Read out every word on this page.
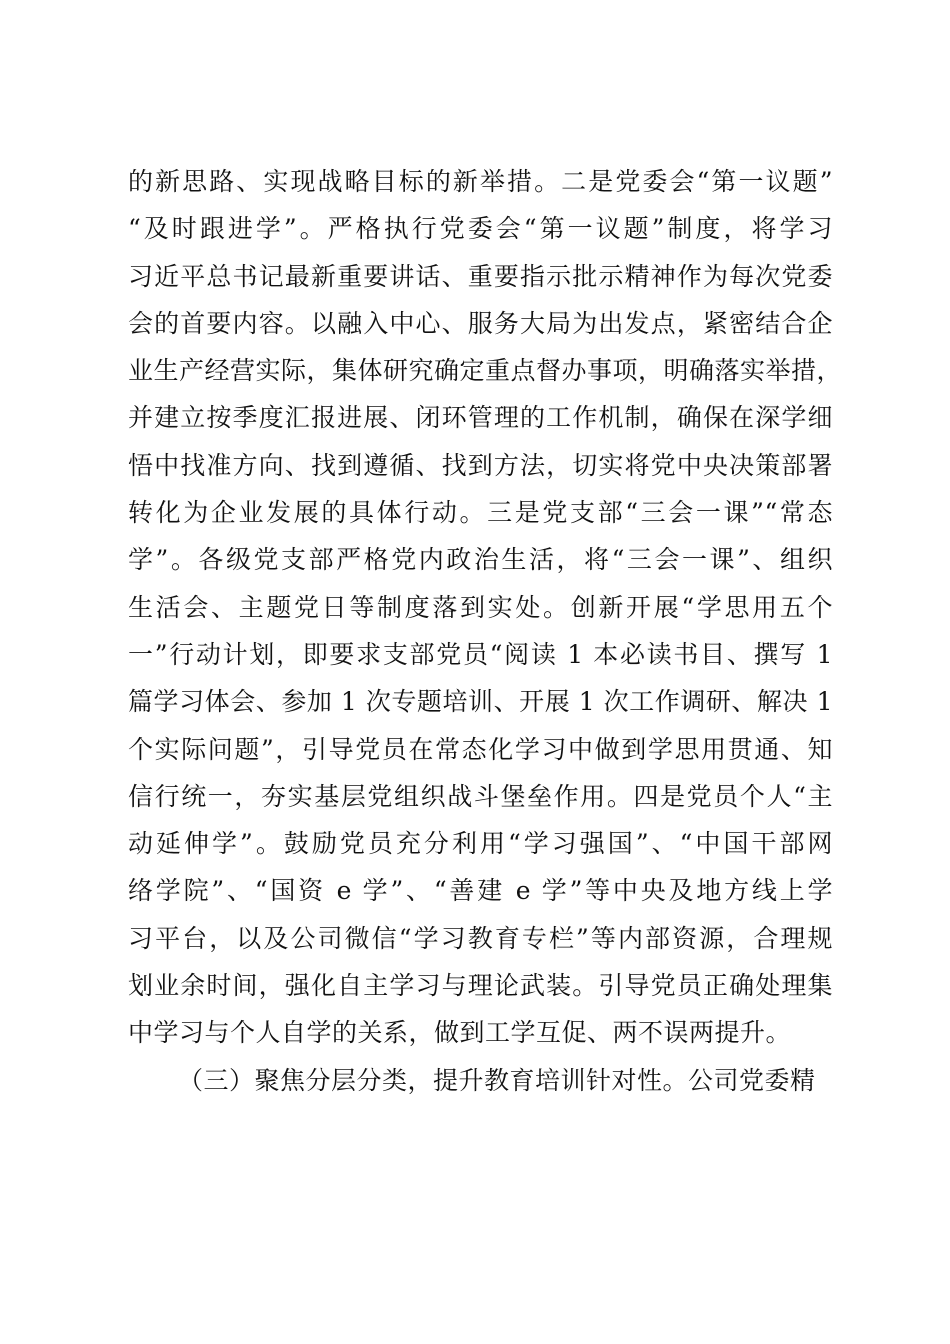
的新思路、实现战略目标的新举措。二是党委会“第一议题”
“及时跟进学”。严格执行党委会“第一议题”制度，将学习
习近平总书记最新重要讲话、重要指示批示精神作为每次党委
会的首要内容。以融入中心、服务大局为出发点，紧密结合企
业生产经营实际，集体研究确定重点督办事项，明确落实举措，
并建立按季度汇报进展、闭环管理的工作机制，确保在深学细
悟中找准方向、找到遵循、找到方法，切实将党中央决策部署
转化为企业发展的具体行动。三是党支部“三会一课”“常态
学”。各级党支部严格党内政治生活，将“三会一课”、组织
生活会、主题党日等制度落到实处。创新开展“学思用五个
一”行动计划，即要求支部党员“阅读 1 本必读书目、撰写 1
篇学习体会、参加 1 次专题培训、开展 1 次工作调研、解决 1
个实际问题”，引导党员在常态化学习中做到学思用贯通、知
信行统一，夯实基层党组织战斗堡垒作用。四是党员个人“主
动延伸学”。鼓励党员充分利用“学习强国”、“中国干部网
络学院”、“国资 e 学”、“善建 e 学”等中央及地方线上学
习平台，以及公司微信“学习教育专栏”等内部资源，合理规
划业余时间，强化自主学习与理论武装。引导党员正确处理集
中学习与个人自学的关系，做到工学互促、两不误两提升。
（三）聚焦分层分类，提升教育培训针对性。公司党委精
